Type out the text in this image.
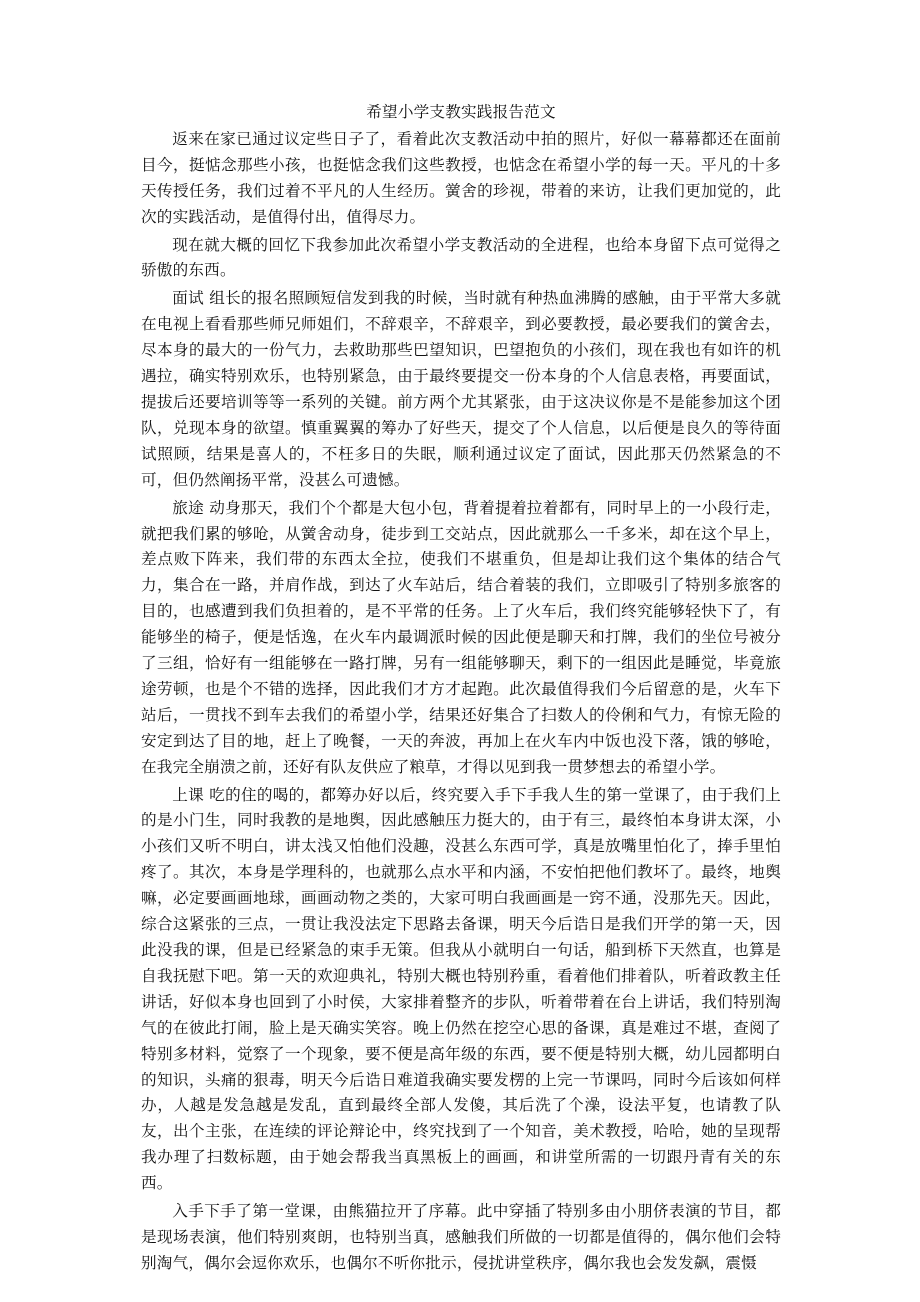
希望小学支教实践报告范文

返来在家已通过议定些日子了，看着此次支教活动中拍的照片，好似一幕幕都还在面前目今，挺惦念那些小孩，也挺惦念我们这些教授，也惦念在希望小学的每一天。平凡的十多天传授任务，我们过着不平凡的人生经历。黉舍的珍视，带着的来访，让我们更加觉的，此次的实践活动，是值得付出，值得尽力。

现在就大概的回忆下我参加此次希望小学支教活动的全进程，也给本身留下点可觉得之骄傲的东西。

面试 组长的报名照顾短信发到我的时候，当时就有种热血沸腾的感触，由于平常大多就在电视上看看那些师兄师姐们，不辞艰辛，不辞艰辛，到必要教授，最必要我们的黉舍去，尽本身的最大的一份气力，去救助那些巴望知识，巴望抱负的小孩们，现在我也有如许的机遇拉，确实特别欢乐，也特别紧急，由于最终要提交一份本身的个人信息表格，再要面试，提拔后还要培训等等一系列的关键。前方两个尤其紧张，由于这决议你是不是能参加这个团队，兑现本身的欲望。慎重翼翼的筹办了好些天，提交了个人信息，以后便是良久的等待面试照顾，结果是喜人的，不枉多日的失眠，顺利通过议定了面试，因此那天仍然紧急的不可，但仍然阐扬平常，没甚么可遗憾。

旅途 动身那天，我们个个都是大包小包，背着提着拉着都有，同时早上的一小段行走，就把我们累的够呛，从黉舍动身，徒步到工交站点，因此就那么一千多米，却在这个早上，差点败下阵来，我们带的东西太全拉，使我们不堪重负，但是却让我们这个集体的结合气力，集合在一路，并肩作战，到达了火车站后，结合着装的我们，立即吸引了特别多旅客的目的，也感遭到我们负担着的，是不平常的任务。上了火车后，我们终究能够轻快下了，有能够坐的椅子，便是恬逸，在火车内最调派时候的因此便是聊天和打牌，我们的坐位号被分了三组，恰好有一组能够在一路打牌，另有一组能够聊天，剩下的一组因此是睡觉，毕竟旅途劳顿，也是个不错的选择，因此我们才方才起跑。此次最值得我们今后留意的是，火车下站后，一贯找不到车去我们的希望小学，结果还好集合了扫数人的伶俐和气力，有惊无险的安定到达了目的地，赶上了晚餐，一天的奔波，再加上在火车内中饭也没下落，饿的够呛，在我完全崩溃之前，还好有队友供应了粮草，才得以见到我一贯梦想去的希望小学。

上课 吃的住的喝的，都筹办好以后，终究要入手下手我人生的第一堂课了，由于我们上的是小门生，同时我教的是地舆，因此感触压力挺大的，由于有三，最终怕本身讲太深，小小孩们又听不明白，讲太浅又怕他们没趣，没甚么东西可学，真是放嘴里怕化了，捧手里怕疼了。其次，本身是学理科的，也就那么点水平和内涵，不安怕把他们教坏了。最终，地舆嘛，必定要画画地球，画画动物之类的，大家可明白我画画是一窍不通，没那先天。因此，综合这紧张的三点，一贯让我没法定下思路去备课，明天今后诰日是我们开学的第一天，因此没我的课，但是已经紧急的束手无策。但我从小就明白一句话，船到桥下天然直，也算是自我抚慰下吧。第一天的欢迎典礼，特别大概也特别矜重，看着他们排着队，听着政教主任讲话，好似本身也回到了小时侯，大家排着整齐的步队，听着带着在台上讲话，我们特别淘气的在彼此打闹，脸上是天确实笑容。晚上仍然在挖空心思的备课，真是难过不堪，查阅了特别多材料，觉察了一个现象，要不便是高年级的东西，要不便是特别大概，幼儿园都明白的知识，头痛的狠毒，明天今后诰日难道我确实要发楞的上完一节课吗，同时今后该如何样办，人越是发急越是发乱，直到最终全部人发傻，其后洗了个澡，设法平复，也请教了队友，出个主张，在连续的评论辩论中，终究找到了一个知音，美术教授，哈哈，她的呈现帮我办理了扫数标题，由于她会帮我当真黑板上的画画，和讲堂所需的一切跟丹青有关的东西。

入手下手了第一堂课，由熊猫拉开了序幕。此中穿插了特别多由小朋侪表演的节目，都是现场表演，他们特别爽朗，也特别当真，感触我们所做的一切都是值得的，偶尔他们会特别淘气，偶尔会逗你欢乐，也偶尔不听你批示，侵扰讲堂秩序，偶尔我也会发发飙，震慑
